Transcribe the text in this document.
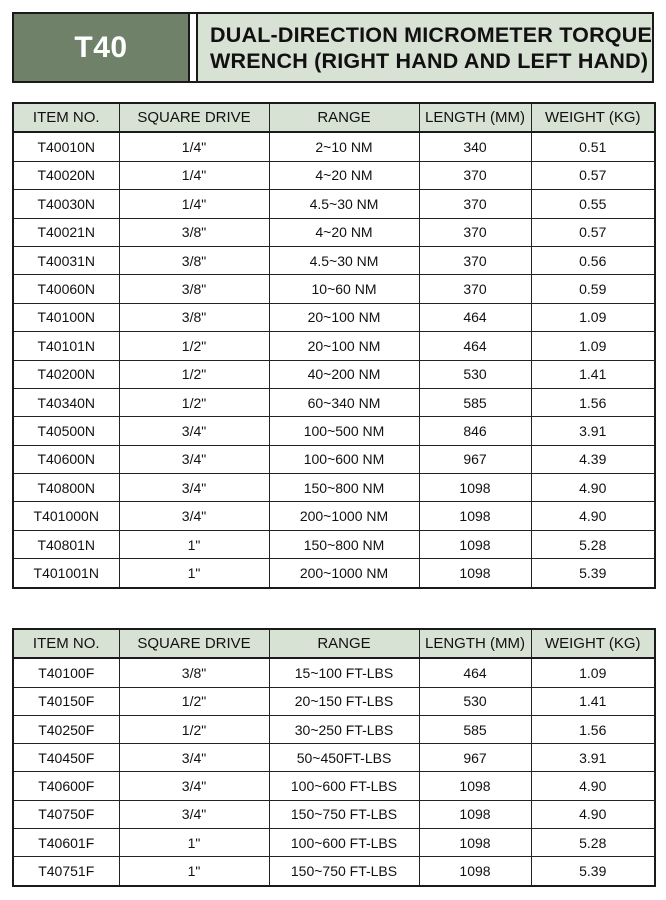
T40	DUAL-DIRECTION MICROMETER TORQUE
WRENCH (RIGHT HAND AND LEFT HAND)
ITEM NO.	SQUARE DRIVE	RANGE	LENGTH (MM)	WEIGHT (KG)
T40010N	1/4"	2~10 NM	340	0.51
T40020N	1/4"	4~20 NM	370	0.57
T40030N	1/4"	4.5~30 NM	370	0.55
T40021N	3/8"	4~20 NM	370	0.57
T40031N	3/8"	4.5~30 NM	370	0.56
T40060N	3/8"	10~60 NM	370	0.59
T40100N	3/8"	20~100 NM	464	1.09
T40101N	1/2"	20~100 NM	464	1.09
T40200N	1/2"	40~200 NM	530	1.41
T40340N	1/2"	60~340 NM	585	1.56
T40500N	3/4"	100~500 NM	846	3.91
T40600N	3/4"	100~600 NM	967	4.39
T40800N	3/4"	150~800 NM	1098	4.90
T401000N	3/4"	200~1000 NM	1098	4.90
T40801N	1"	150~800 NM	1098	5.28
T401001N	1"	200~1000 NM	1098	5.39
ITEM NO.	SQUARE DRIVE	RANGE	LENGTH (MM)	WEIGHT (KG)
T40100F	3/8"	15~100 FT-LBS	464	1.09
T40150F	1/2"	20~150 FT-LBS	530	1.41
T40250F	1/2"	30~250 FT-LBS	585	1.56
T40450F	3/4"	50~450FT-LBS	967	3.91
T40600F	3/4"	100~600 FT-LBS	1098	4.90
T40750F	3/4"	150~750 FT-LBS	1098	4.90
T40601F	1"	100~600 FT-LBS	1098	5.28
T40751F	1"	150~750 FT-LBS	1098	5.39
